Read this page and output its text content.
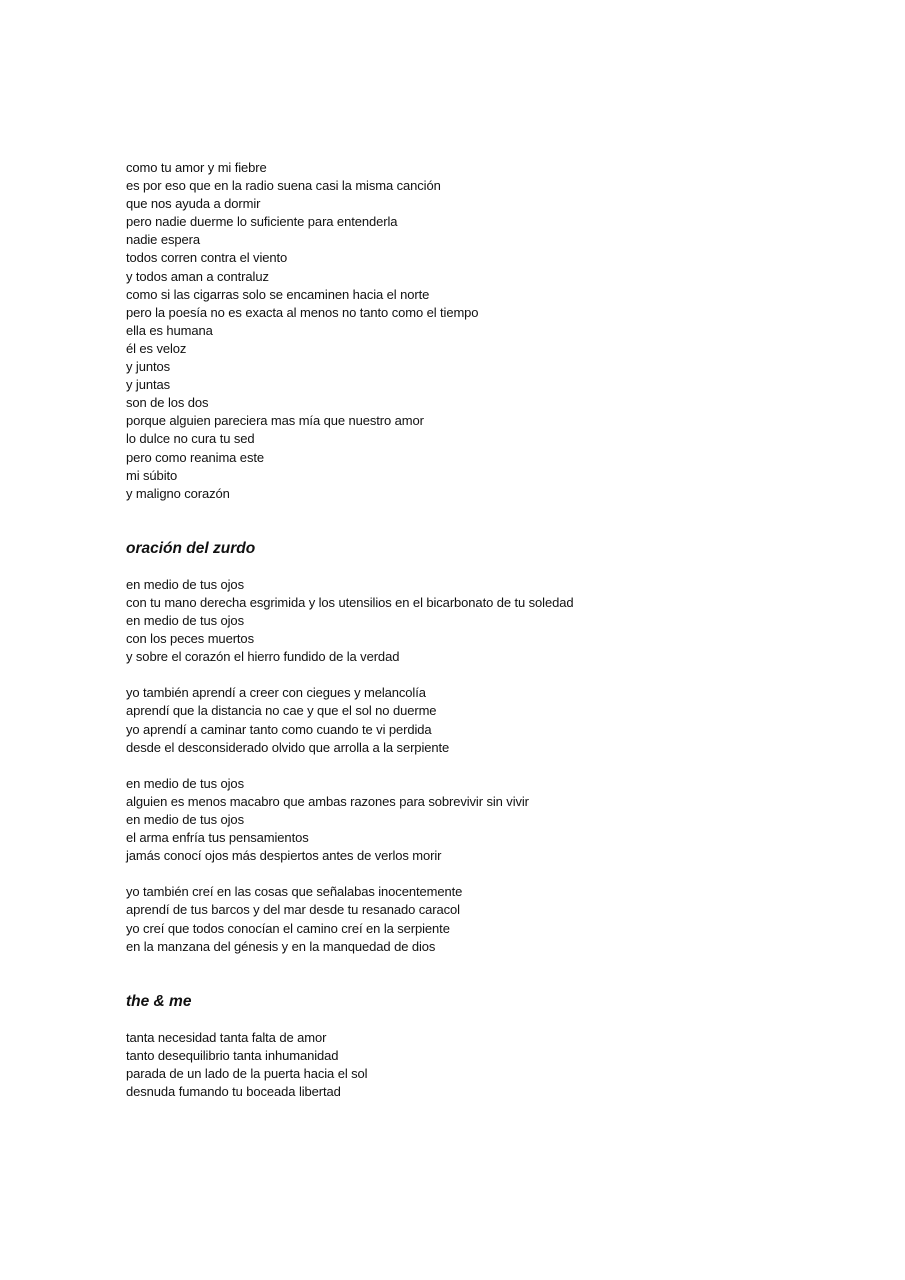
como tu amor y mi fiebre
es por eso que en la radio suena casi la misma canción
que nos ayuda a dormir
pero nadie duerme lo suficiente para entenderla
nadie espera
todos corren contra el viento
y todos aman a contraluz
como si las cigarras solo se encaminen hacia el norte
pero la poesía no es exacta al menos no tanto como el tiempo
ella es humana
él es veloz
y juntos
y juntas
son de los dos
porque alguien pareciera mas mía que nuestro amor
lo dulce no cura tu sed
pero como reanima este
mi súbito
y maligno corazón
oración del zurdo
en medio de tus ojos
con tu mano derecha esgrimida y los utensilios en el bicarbonato de tu soledad
en medio de tus ojos
con los peces muertos
y sobre el corazón el hierro fundido de la verdad
yo también aprendí a creer con ciegues y melancolía
aprendí que la distancia no cae y que el sol no duerme
yo aprendí a caminar tanto como cuando te vi perdida
desde el desconsiderado olvido que arrolla a la serpiente
en medio de tus ojos
alguien es menos macabro que ambas razones para sobrevivir sin vivir
en medio de tus ojos
el arma enfría tus pensamientos
jamás conocí ojos más despiertos antes de verlos morir
yo también creí en las cosas que señalabas inocentemente
aprendí de tus barcos y del mar desde tu resanado caracol
yo creí que todos conocían el camino creí en la serpiente
en la manzana del génesis y en la manquedad de dios
the & me
tanta necesidad tanta falta de amor
tanto desequilibrio tanta inhumanidad
parada de un lado de la puerta hacia el sol
desnuda fumando tu boceada libertad
